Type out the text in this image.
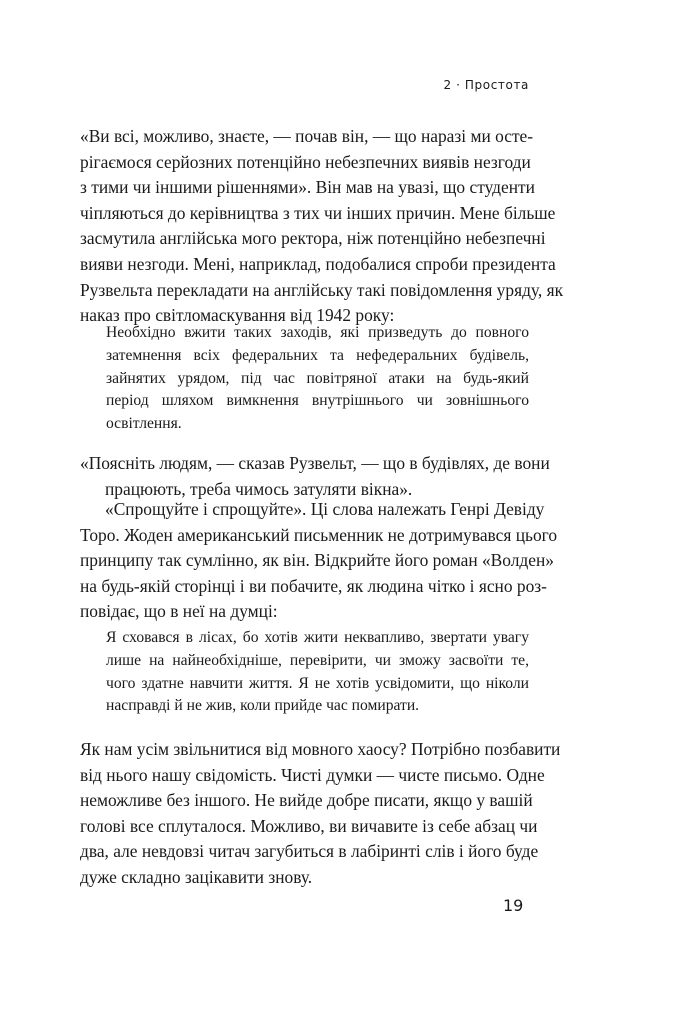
2 · Простота
«Ви всі, можливо, знаєте, — почав він, — що наразі ми осте-
рігаємося серйозних потенційно небезпечних виявів незгоди
з тими чи іншими рішеннями». Він мав на увазі, що студенти
чіпляються до керівництва з тих чи інших причин. Мене більше
засмутила англійська мого ректора, ніж потенційно небезпечні
вияви незгоди. Мені, наприклад, подобалися спроби президента
Рузвельта перекладати на англійську такі повідомлення уряду, як
наказ про світломаскування від 1942 року:
Необхідно вжити таких заходів, які призведуть до повного
затемнення всіх федеральних та нефедеральних будівель,
зайнятих урядом, під час повітряної атаки на будь-який
період шляхом вимкнення внутрішнього чи зовнішнього
освітлення.
«Поясніть людям, — сказав Рузвельт, — що в будівлях, де вони
працюють, треба чимось затуляти вікна».
«Спрощуйте і спрощуйте». Ці слова належать Генрі Девіду
Торо. Жоден американський письменник не дотримувався цього
принципу так сумлінно, як він. Відкрийте його роман «Волден»
на будь-якій сторінці і ви побачите, як людина чітко і ясно роз-
повідає, що в неї на думці:
Я сховався в лісах, бо хотів жити неквапливо, звертати увагу
лише на найнеобхідніше, перевірити, чи зможу засвоїти те,
чого здатне навчити життя. Я не хотів усвідомити, що ніколи
насправді й не жив, коли прийде час помирати.
Як нам усім звільнитися від мовного хаосу? Потрібно позбавити
від нього нашу свідомість. Чисті думки — чисте письмо. Одне
неможливе без іншого. Не вийде добре писати, якщо у вашій
голові все сплуталося. Можливо, ви вичавите із себе абзац чи
два, але невдовзі читач загубиться в лабіринті слів і його буде
дуже складно зацікавити знову.
19
